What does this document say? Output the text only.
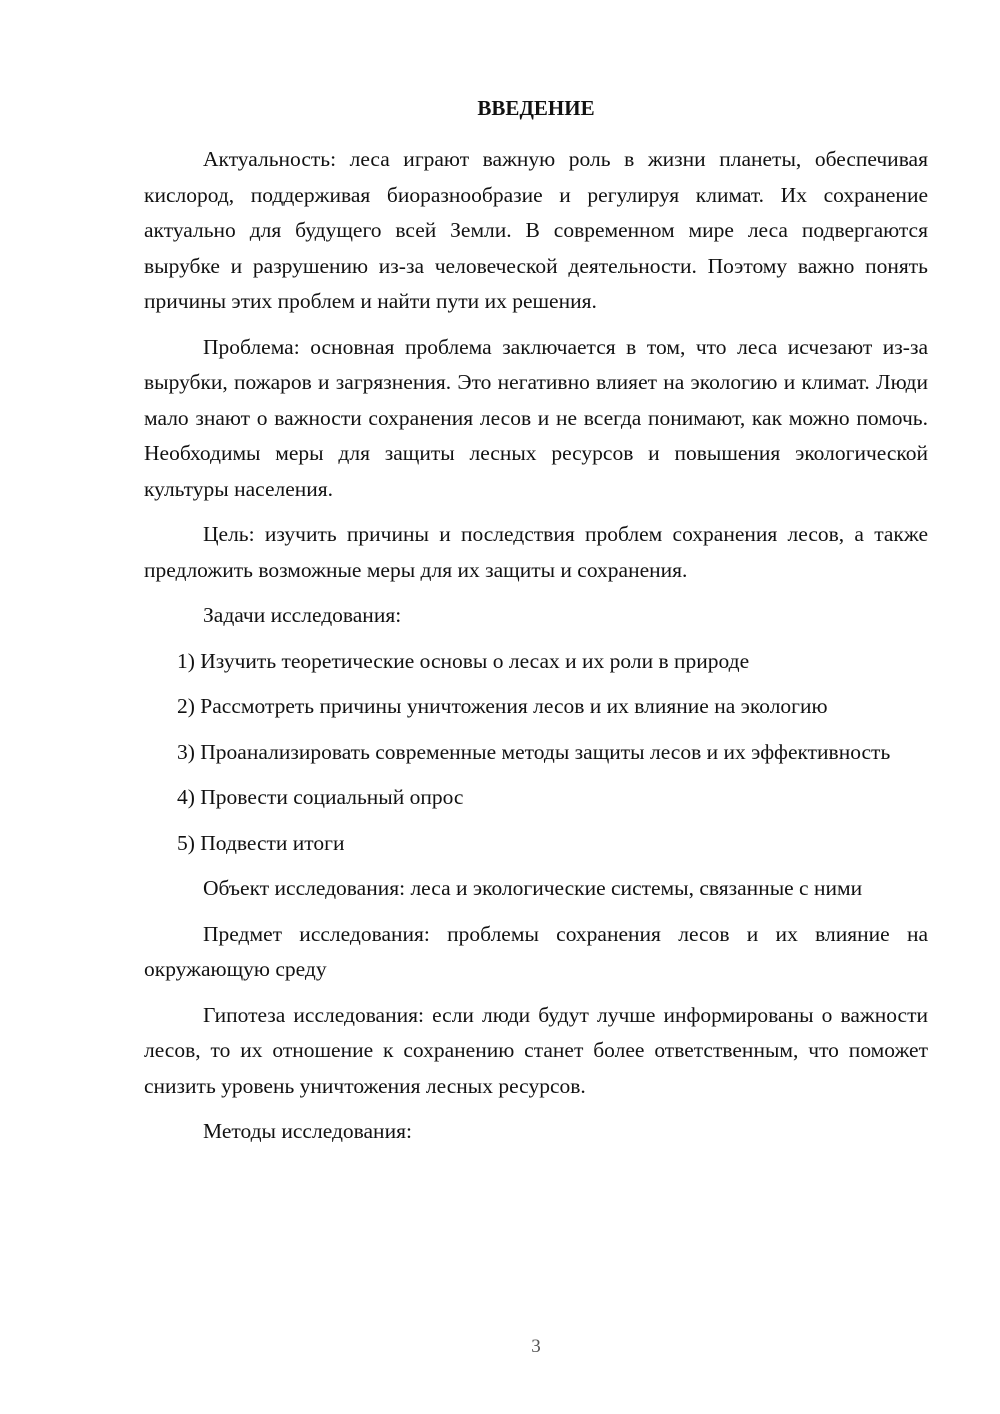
ВВЕДЕНИЕ

Актуальность: леса играют важную роль в жизни планеты, обеспечивая кислород, поддерживая биоразнообразие и регулируя климат. Их сохранение актуально для будущего всей Земли. В современном мире леса подвергаются вырубке и разрушению из-за человеческой деятельности. Поэтому важно понять причины этих проблем и найти пути их решения.

Проблема: основная проблема заключается в том, что леса исчезают из-за вырубки, пожаров и загрязнения. Это негативно влияет на экологию и климат. Люди мало знают о важности сохранения лесов и не всегда понимают, как можно помочь. Необходимы меры для защиты лесных ресурсов и повышения экологической культуры населения.

Цель: изучить причины и последствия проблем сохранения лесов, а также предложить возможные меры для их защиты и сохранения.

Задачи исследования:

1) Изучить теоретические основы о лесах и их роли в природе

2) Рассмотреть причины уничтожения лесов и их влияние на экологию

3) Проанализировать современные методы защиты лесов и их эффективность

4) Провести социальный опрос

5) Подвести итоги

Объект исследования: леса и экологические системы, связанные с ними

Предмет исследования: проблемы сохранения лесов и их влияние на окружающую среду

Гипотеза исследования: если люди будут лучше информированы о важности лесов, то их отношение к сохранению станет более ответственным, что поможет снизить уровень уничтожения лесных ресурсов.

Методы исследования:

3
